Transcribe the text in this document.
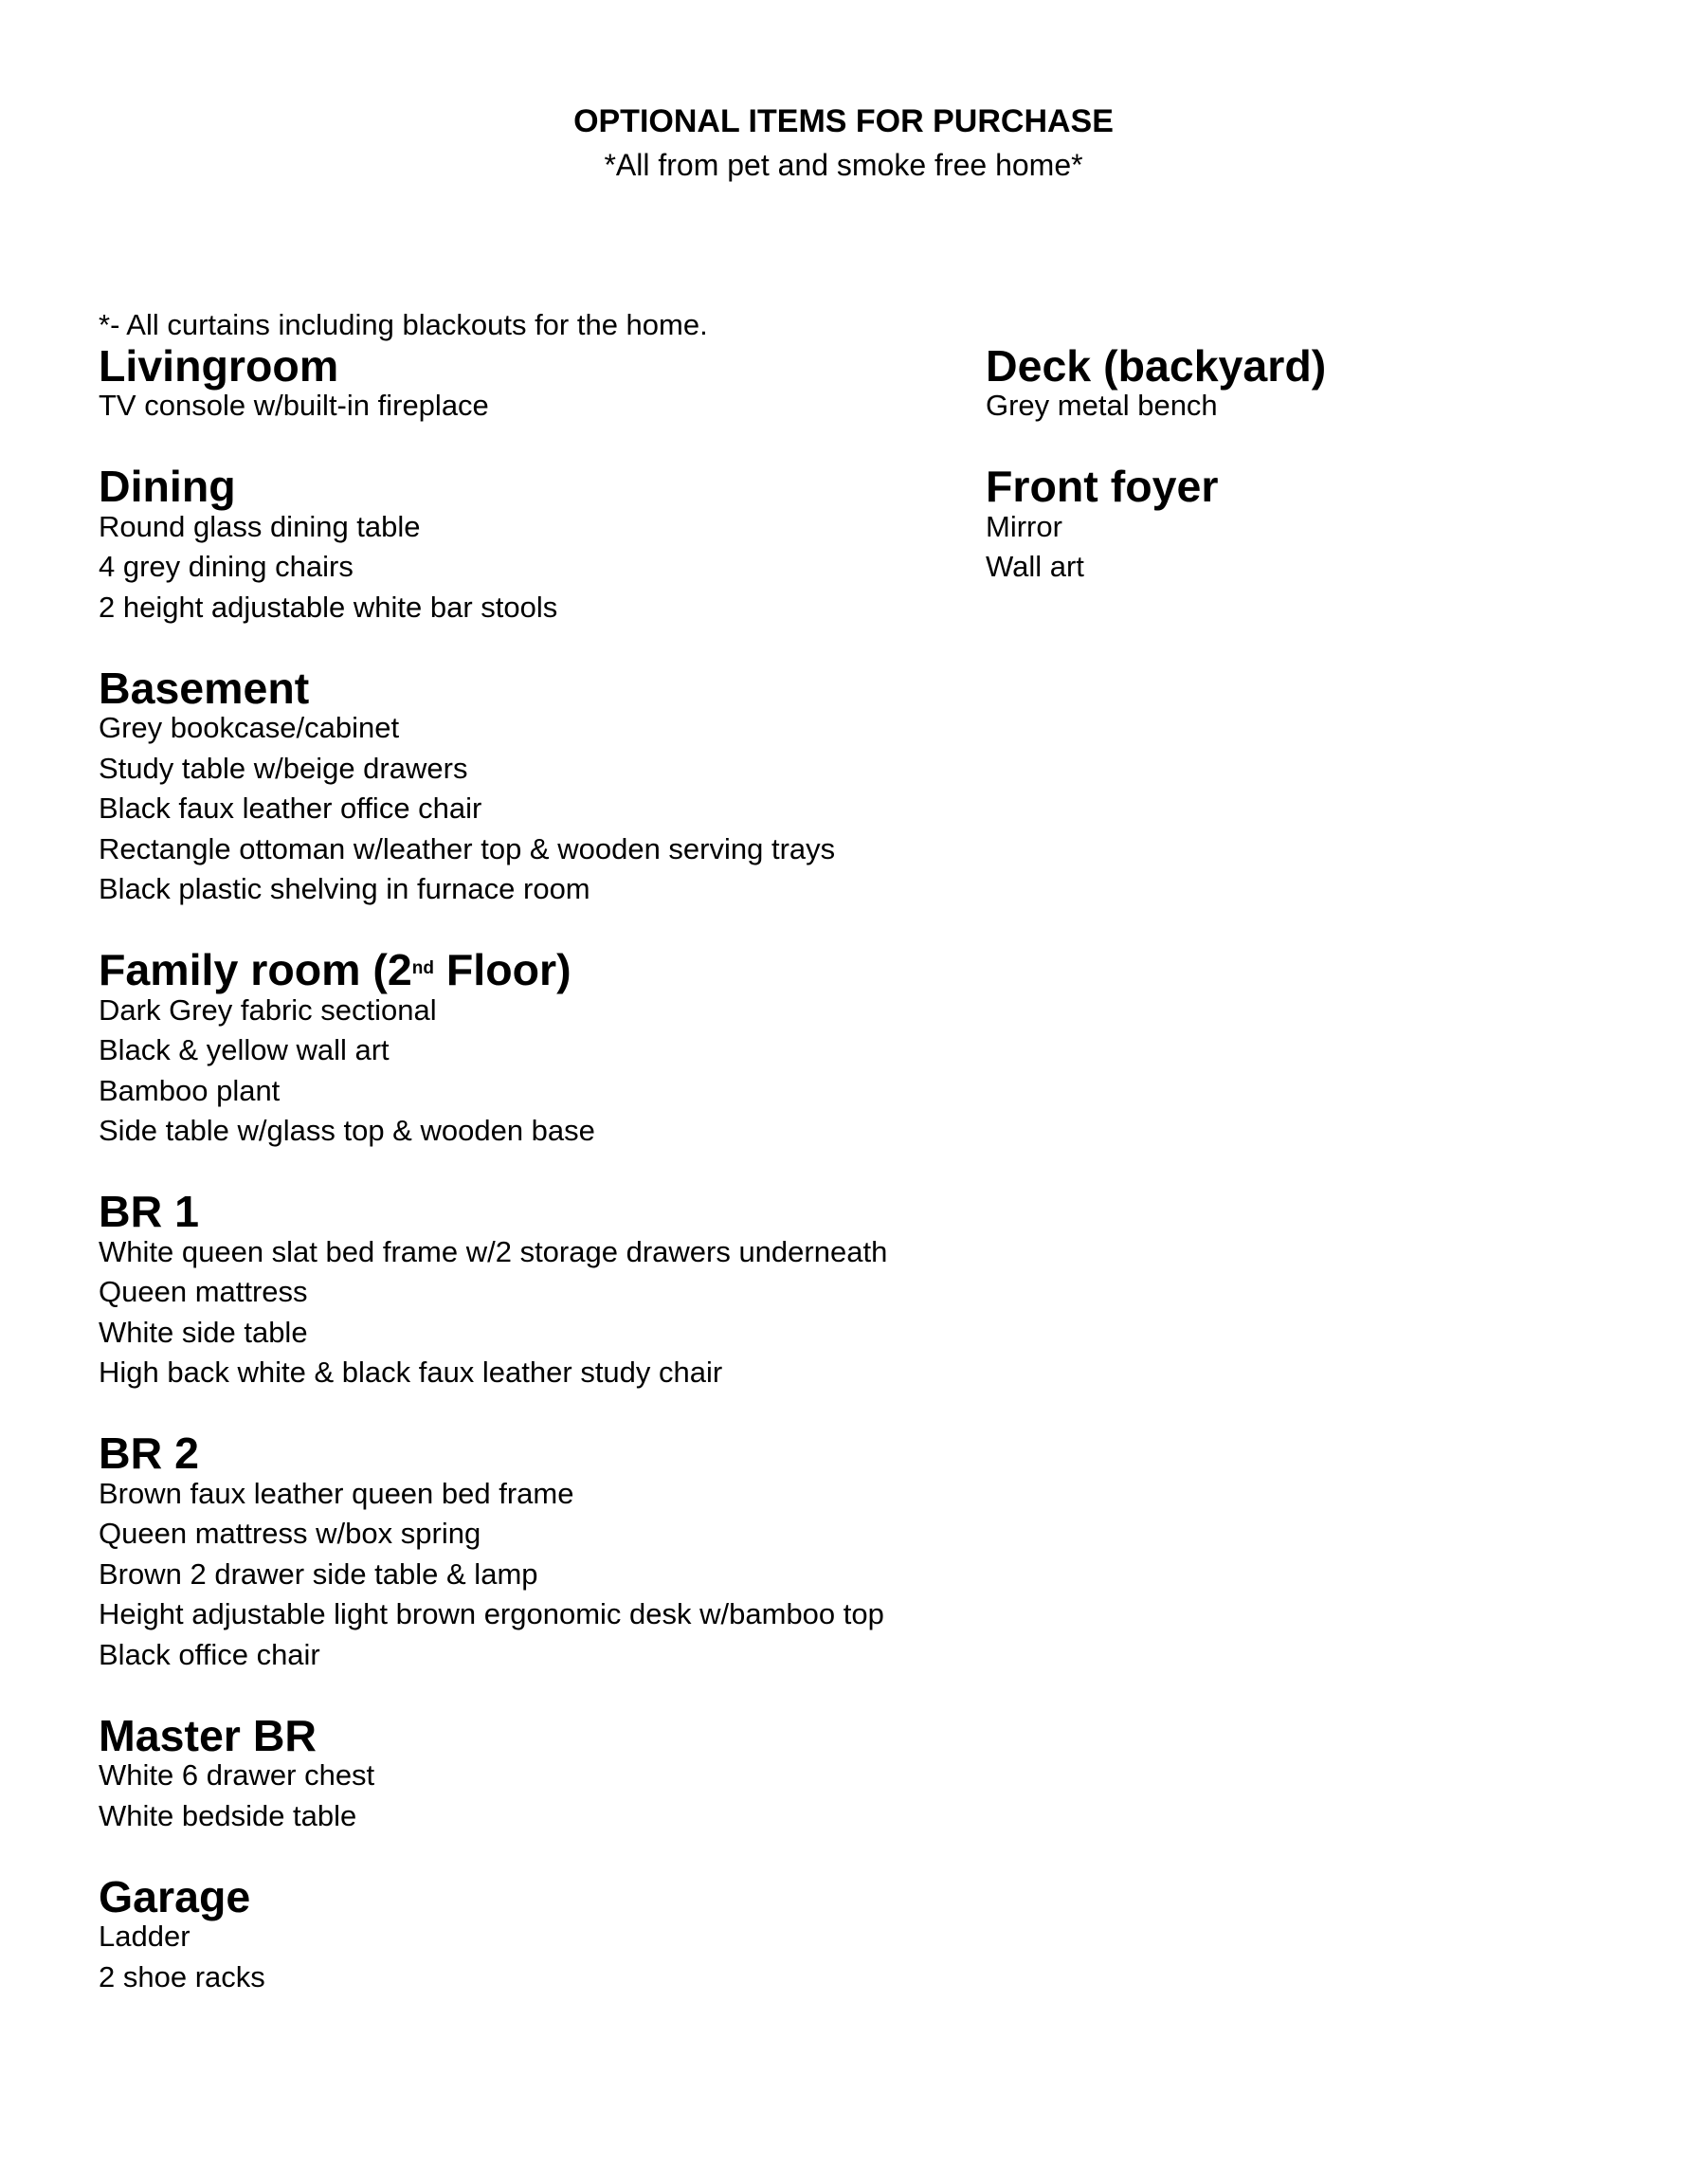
OPTIONAL ITEMS FOR PURCHASE

*All from pet and smoke free home*

*- All curtains including blackouts for the home.

Livingroom
TV console w/built-in fireplace
Dining
Round glass dining table
4 grey dining chairs
2 height adjustable white bar stools
Basement
Grey bookcase/cabinet
Study table w/beige drawers
Black faux leather office chair
Rectangle ottoman w/leather top & wooden serving trays
Black plastic shelving in furnace room
Family room (2nd Floor)
Dark Grey fabric sectional
Black & yellow wall art
Bamboo plant
Side table w/glass top & wooden base
BR 1
White queen slat bed frame w/2 storage drawers underneath
Queen mattress
White side table
High back white & black faux leather study chair
BR 2
Brown faux leather queen bed frame
Queen mattress w/box spring
Brown 2 drawer side table & lamp
Height adjustable light brown ergonomic desk w/bamboo top
Black office chair
Master BR
White 6 drawer chest
White bedside table
Garage
Ladder
2 shoe racks

Deck (backyard)
Grey metal bench
Front foyer
Mirror
Wall art
